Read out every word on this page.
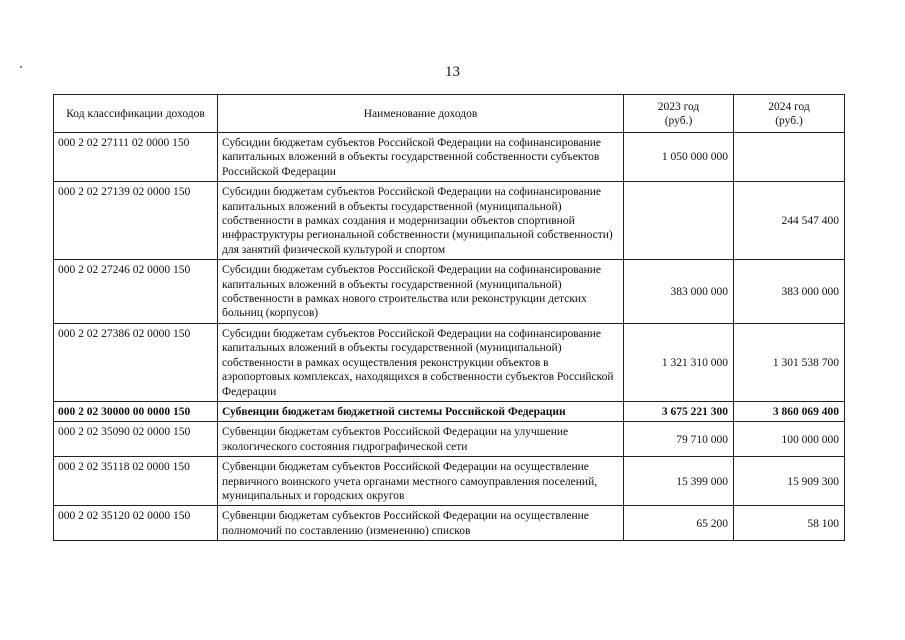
13
Код классификации доходов	Наименование доходов	2023 год (руб.)	2024 год (руб.)
000 2 02 27111 02 0000 150	Субсидии бюджетам субъектов Российской Федерации на софинансирование капитальных вложений в объекты государственной собственности субъектов Российской Федерации	1 050 000 000	
000 2 02 27139 02 0000 150	Субсидии бюджетам субъектов Российской Федерации на софинансирование капитальных вложений в объекты государственной (муниципальной) собственности в рамках создания и модернизации объектов спортивной инфраструктуры региональной собственности (муниципальной собственности) для занятий физической культурой и спортом		244 547 400
000 2 02 27246 02 0000 150	Субсидии бюджетам субъектов Российской Федерации на софинансирование капитальных вложений в объекты государственной (муниципальной) собственности в рамках нового строительства или реконструкции детских больниц (корпусов)	383 000 000	383 000 000
000 2 02 27386 02 0000 150	Субсидии бюджетам субъектов Российской Федерации на софинансирование капитальных вложений в объекты государственной (муниципальной) собственности в рамках осуществления реконструкции объектов в аэропортовых комплексах, находящихся в собственности субъектов Российской Федерации	1 321 310 000	1 301 538 700
000 2 02 30000 00 0000 150	Субвенции бюджетам бюджетной системы Российской Федерации	3 675 221 300	3 860 069 400
000 2 02 35090 02 0000 150	Субвенции бюджетам субъектов Российской Федерации на улучшение экологического состояния гидрографической сети	79 710 000	100 000 000
000 2 02 35118 02 0000 150	Субвенции бюджетам субъектов Российской Федерации на осуществление первичного воинского учета органами местного самоуправления поселений, муниципальных и городских округов	15 399 000	15 909 300
000 2 02 35120 02 0000 150	Субвенции бюджетам субъектов Российской Федерации на осуществление полномочий по составлению (изменению) списков	65 200	58 100
